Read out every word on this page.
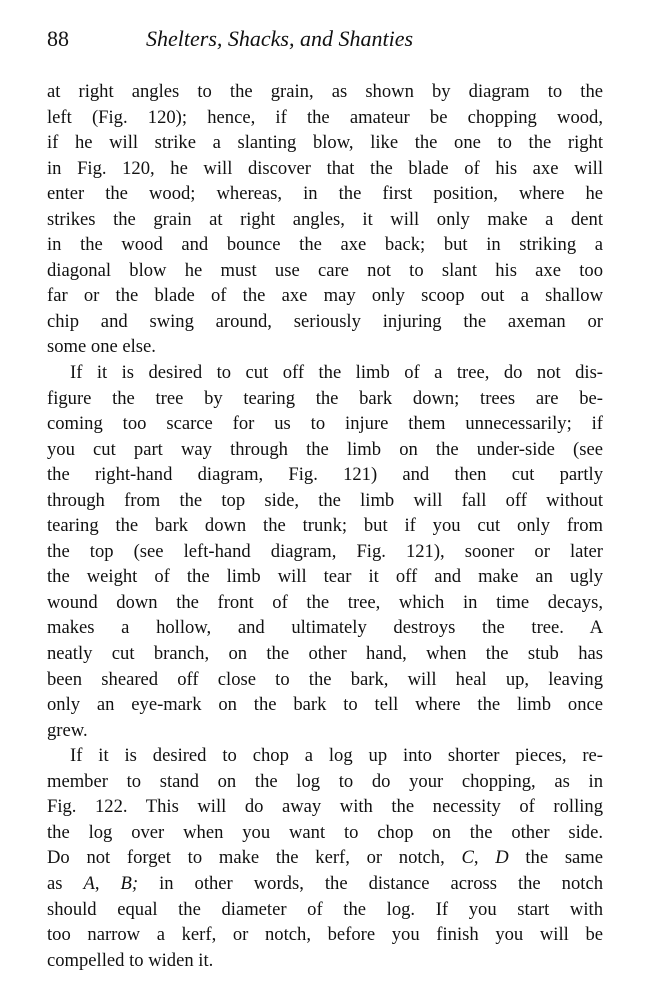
88	Shelters, Shacks, and Shanties
at right angles to the grain, as shown by diagram to the
left (Fig. 120); hence, if the amateur be chopping wood,
if he will strike a slanting blow, like the one to the right
in Fig. 120, he will discover that the blade of his axe will
enter the wood; whereas, in the first position, where he
strikes the grain at right angles, it will only make a dent
in the wood and bounce the axe back; but in striking a
diagonal blow he must use care not to slant his axe too
far or the blade of the axe may only scoop out a shallow
chip and swing around, seriously injuring the axeman or
some one else.
If it is desired to cut off the limb of a tree, do not dis-
figure the tree by tearing the bark down; trees are be-
coming too scarce for us to injure them unnecessarily; if
you cut part way through the limb on the under-side (see
the right-hand diagram, Fig. 121) and then cut partly
through from the top side, the limb will fall off without
tearing the bark down the trunk; but if you cut only from
the top (see left-hand diagram, Fig. 121), sooner or later
the weight of the limb will tear it off and make an ugly
wound down the front of the tree, which in time decays,
makes a hollow, and ultimately destroys the tree. A
neatly cut branch, on the other hand, when the stub has
been sheared off close to the bark, will heal up, leaving
only an eye-mark on the bark to tell where the limb once
grew.
If it is desired to chop a log up into shorter pieces, re-
member to stand on the log to do your chopping, as in
Fig. 122. This will do away with the necessity of rolling
the log over when you want to chop on the other side.
Do not forget to make the kerf, or notch, C, D the same
as A, B; in other words, the distance across the notch
should equal the diameter of the log. If you start with
too narrow a kerf, or notch, before you finish you will be
compelled to widen it.
